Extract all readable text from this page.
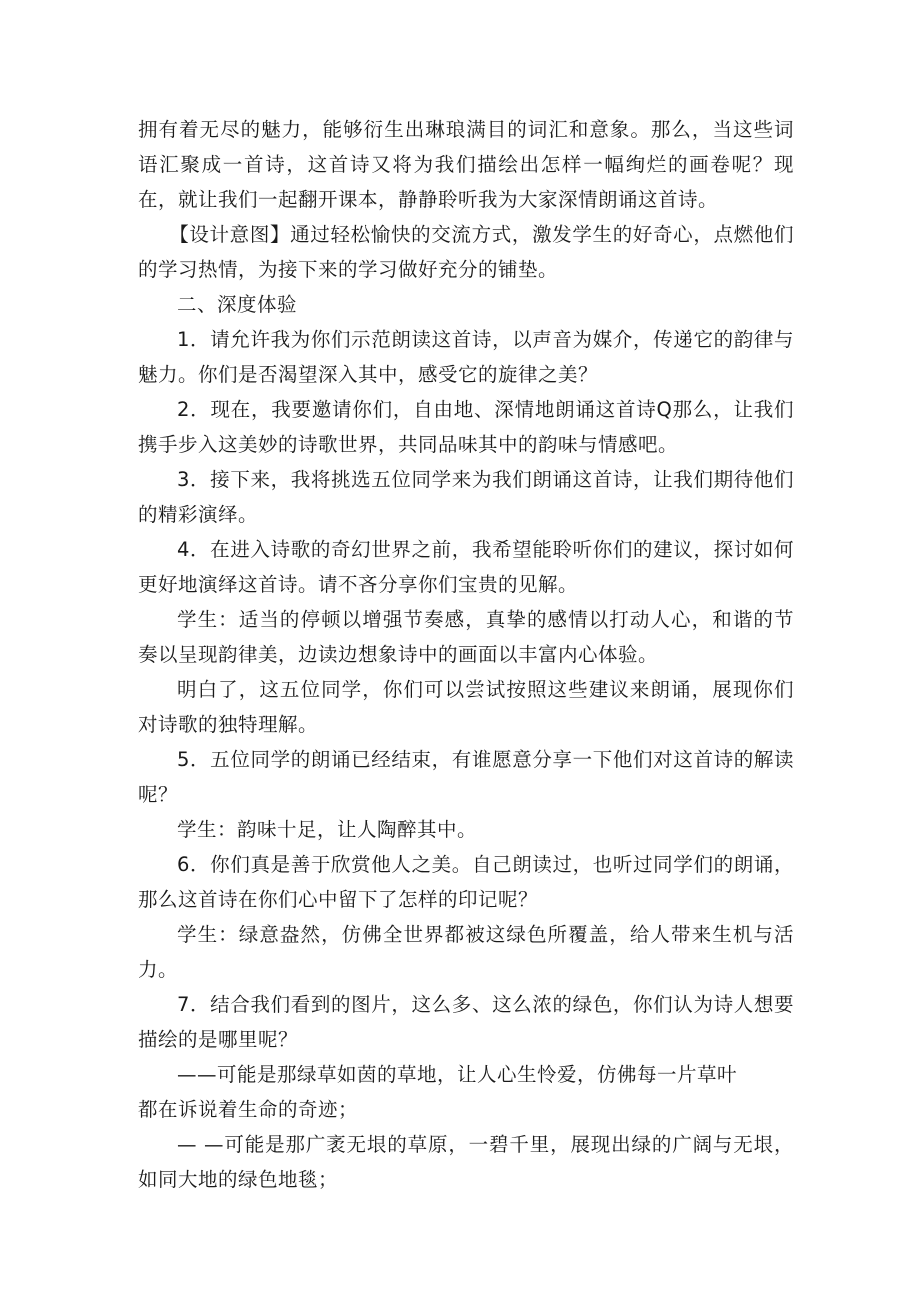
拥有着无尽的魅力，能够衍生出琳琅满目的词汇和意象。那么，当这些词语汇聚成一首诗，这首诗又将为我们描绘出怎样一幅绚烂的画卷呢？现在，就让我们一起翻开课本，静静聆听我为大家深情朗诵这首诗。

【设计意图】通过轻松愉快的交流方式，激发学生的好奇心，点燃他们的学习热情，为接下来的学习做好充分的铺垫。

二、深度体验

1．请允许我为你们示范朗读这首诗，以声音为媒介，传递它的韵律与魅力。你们是否渴望深入其中，感受它的旋律之美？

2．现在，我要邀请你们，自由地、深情地朗诵这首诗Q那么，让我们携手步入这美妙的诗歌世界，共同品味其中的韵味与情感吧。

3．接下来，我将挑选五位同学来为我们朗诵这首诗，让我们期待他们的精彩演绎。

4．在进入诗歌的奇幻世界之前，我希望能聆听你们的建议，探讨如何更好地演绎这首诗。请不吝分享你们宝贵的见解。

学生：适当的停顿以增强节奏感，真挚的感情以打动人心，和谐的节奏以呈现韵律美，边读边想象诗中的画面以丰富内心体验。

明白了，这五位同学，你们可以尝试按照这些建议来朗诵，展现你们对诗歌的独特理解。

5．五位同学的朗诵已经结束，有谁愿意分享一下他们对这首诗的解读呢？

学生：韵味十足，让人陶醉其中。

6．你们真是善于欣赏他人之美。自己朗读过，也听过同学们的朗诵，那么这首诗在你们心中留下了怎样的印记呢？

学生：绿意盎然，仿佛全世界都被这绿色所覆盖，给人带来生机与活力。

7．结合我们看到的图片，这么多、这么浓的绿色，你们认为诗人想要描绘的是哪里呢？

——可能是那绿草如茵的草地，让人心生怜爱，仿佛每一片草叶

都在诉说着生命的奇迹；

— —可能是那广袤无垠的草原，一碧千里，展现出绿的广阔与无垠，如同大地的绿色地毯；
